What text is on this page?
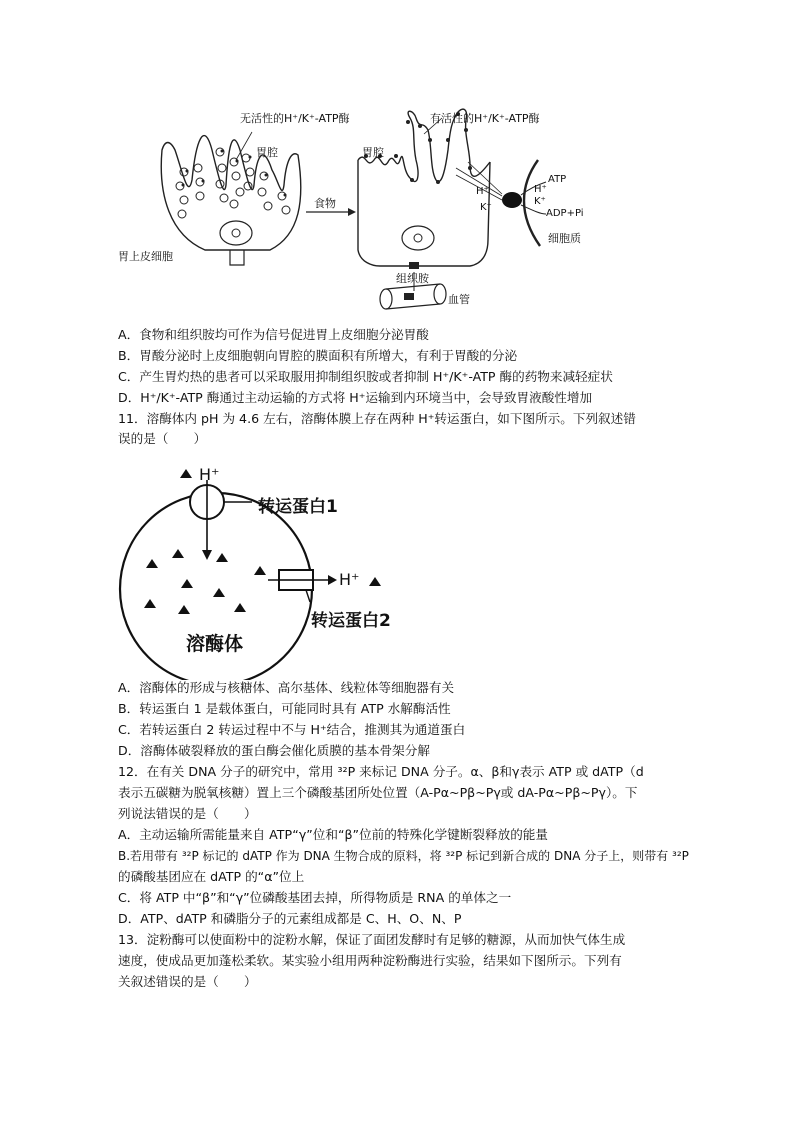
无活性的H⁺/K⁺-ATP酶	有活性的H⁺/K⁺-ATP酶
胃腔	胃腔
食物
胃上皮细胞
组织胺
血管
ATP
H⁺
K⁺
H⁺
K⁺
ADP+Pi
细胞质
A．食物和组织胺均可作为信号促进胃上皮细胞分泌胃酸
B．胃酸分泌时上皮细胞朝向胃腔的膜面积有所增大，有利于胃酸的分泌
C．产生胃灼热的患者可以采取服用抑制组织胺或者抑制 H⁺/K⁺-ATP 酶的药物来减轻症状
D．H⁺/K⁺-ATP 酶通过主动运输的方式将 H⁺运输到内环境当中，会导致胃液酸性增加
11．溶酶体内 pH 为 4.6 左右，溶酶体膜上存在两种 H⁺转运蛋白，如下图所示。下列叙述错
误的是（　　）
H⁺
转运蛋白1
H⁺
转运蛋白2
溶酶体
A．溶酶体的形成与核糖体、高尔基体、线粒体等细胞器有关
B．转运蛋白 1 是载体蛋白，可能同时具有 ATP 水解酶活性
C．若转运蛋白 2 转运过程中不与 H⁺结合，推测其为通道蛋白
D．溶酶体破裂释放的蛋白酶会催化质膜的基本骨架分解
12．在有关 DNA 分子的研究中，常用 ³²P 来标记 DNA 分子。α、β和γ表示 ATP 或 dATP（d
表示五碳糖为脱氧核糖）置上三个磷酸基团所处位置（A-Pα~Pβ~Pγ或 dA-Pα~Pβ~Pγ）。下
列说法错误的是（　　）
A．主动运输所需能量来自 ATP“γ”位和“β”位前的特殊化学键断裂释放的能量
B.若用带有 ³²P 标记的 dATP 作为 DNA 生物合成的原料，将 ³²P 标记到新合成的 DNA 分子上，则带有 ³²P
的磷酸基团应在 dATP 的“α”位上
C．将 ATP 中“β”和“γ”位磷酸基团去掉，所得物质是 RNA 的单体之一
D．ATP、dATP 和磷脂分子的元素组成都是 C、H、O、N、P
13．淀粉酶可以使面粉中的淀粉水解，保证了面团发酵时有足够的糖源，从而加快气体生成
速度，使成品更加蓬松柔软。某实验小组用两种淀粉酶进行实验，结果如下图所示。下列有
关叙述错误的是（　　）
